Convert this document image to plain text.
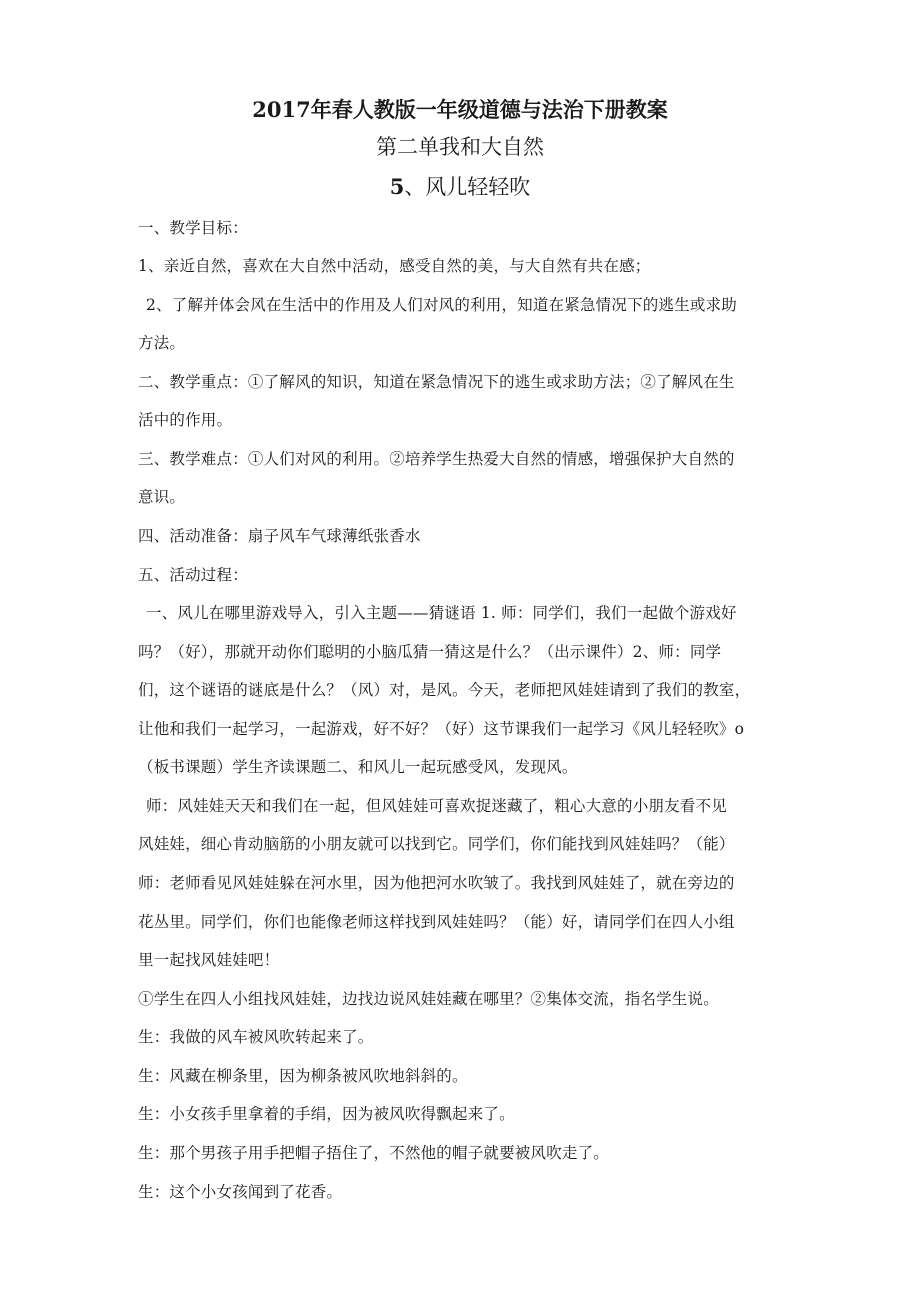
2017年春人教版一年级道德与法治下册教案
第二单我和大自然
5、风儿轻轻吹
一、教学目标：
1、亲近自然，喜欢在大自然中活动，感受自然的美，与大自然有共在感；
2、了解并体会风在生活中的作用及人们对风的利用，知道在紧急情况下的逃生或求助
方法。
二、教学重点：①了解风的知识，知道在紧急情况下的逃生或求助方法；②了解风在生
活中的作用。
三、教学难点：①人们对风的利用。②培养学生热爱大自然的情感，增强保护大自然的
意识。
四、活动准备：扇子风车气球薄纸张香水
五、活动过程：
一、风儿在哪里游戏导入，引入主题——猜谜语 1. 师：同学们，我们一起做个游戏好
吗？（好），那就开动你们聪明的小脑瓜猜一猜这是什么？（出示课件）2、师：同学
们，这个谜语的谜底是什么？（风）对，是风。今天，老师把风娃娃请到了我们的教室，
让他和我们一起学习，一起游戏，好不好？（好）这节课我们一起学习《风儿轻轻吹》o
（板书课题）学生齐读课题二、和风儿一起玩感受风，发现风。
师：风娃娃天天和我们在一起，但风娃娃可喜欢捉迷藏了，粗心大意的小朋友看不见
风娃娃，细心肯动脑筋的小朋友就可以找到它。同学们，你们能找到风娃娃吗？（能）
师：老师看见风娃娃躲在河水里，因为他把河水吹皱了。我找到风娃娃了，就在旁边的
花丛里。同学们，你们也能像老师这样找到风娃娃吗？（能）好，请同学们在四人小组
里一起找风娃娃吧！
①学生在四人小组找风娃娃，边找边说风娃娃藏在哪里？②集体交流，指名学生说。
生：我做的风车被风吹转起来了。
生：风藏在柳条里，因为柳条被风吹地斜斜的。
生：小女孩手里拿着的手绢，因为被风吹得飘起来了。
生：那个男孩子用手把帽子捂住了，不然他的帽子就要被风吹走了。
生：这个小女孩闻到了花香。
